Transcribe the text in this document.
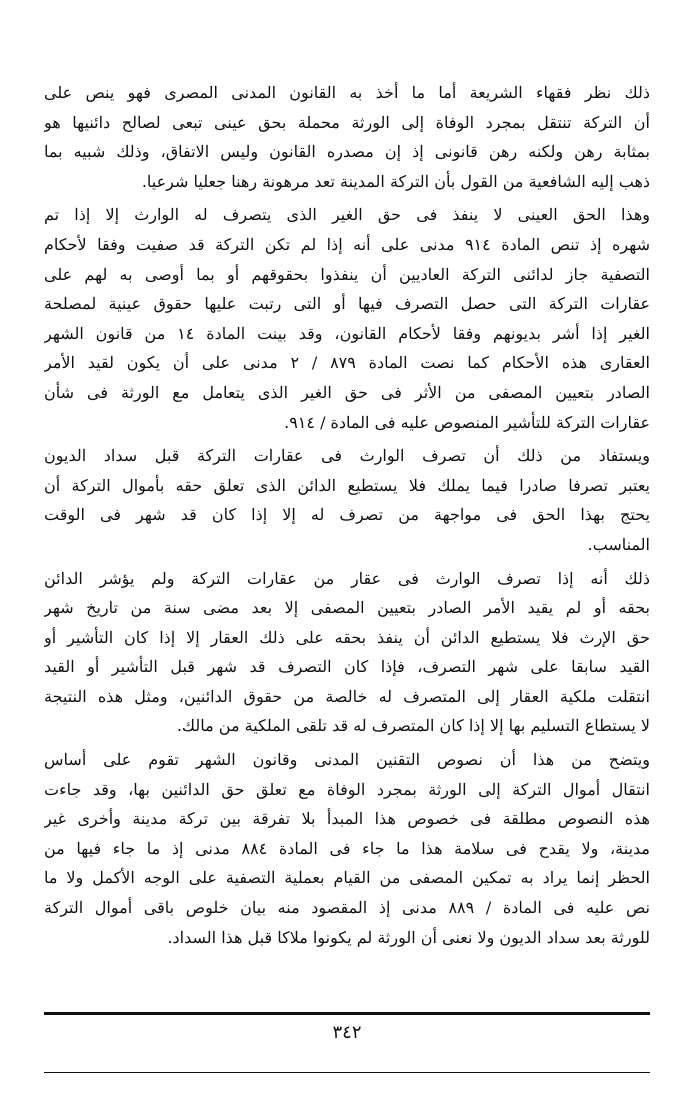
ذلك نظر فقهاء الشريعة أما ما أخذ به القانون المدنى المصرى فهو ينص على
أن التركة تنتقل بمجرد الوفاة إلى الورثة محملة بحق عينى تبعى لصالح دائنيها هو
بمثابة رهن ولكنه رهن قانونى إذ إن مصدره القانون وليس الاتفاق، وذلك شبيه بما
ذهب إليه الشافعية من القول بأن التركة المدينة تعد مرهونة رهنا جعليا شرعيا.
وهذا الحق العينى لا ينفذ فى حق الغير الذى يتصرف له الوارث إلا إذا تم
شهره إذ تنص المادة ٩١٤ مدنى على أنه إذا لم تكن التركة قد صفيت وفقا لأحكام
التصفية جاز لدائنى التركة العاديين أن ينفذوا بحقوقهم أو بما أوصى به لهم على
عقارات التركة التى حصل التصرف فيها أو التى رتبت عليها حقوق عينية لمصلحة
الغير إذا أشر بديونهم وفقا لأحكام القانون، وقد بينت المادة ١٤ من قانون الشهر
العقارى هذه الأحكام كما نصت المادة ٨٧٩ / ٢ مدنى على أن يكون لقيد الأمر
الصادر بتعيين المصفى من الأثر فى حق الغير الذى يتعامل مع الورثة فى شأن
عقارات التركة للتأشير المنصوص عليه فى المادة / ٩١٤.
ويستفاد من ذلك أن تصرف الوارث فى عقارات التركة قبل سداد الديون
يعتبر تصرفا صادرا فيما يملك فلا يستطيع الدائن الذى تعلق حقه بأموال التركة أن
يحتج بهذا الحق فى مواجهة من تصرف له إلا إذا كان قد شهر فى الوقت
المناسب.
ذلك أنه إذا تصرف الوارث فى عقار من عقارات التركة ولم يؤشر الدائن
بحقه أو لم يقيد الأمر الصادر بتعيين المصفى إلا بعد مضى سنة من تاريخ شهر
حق الإرث فلا يستطيع الدائن أن ينفذ بحقه على ذلك العقار إلا إذا كان التأشير أو
القيد سابقا على شهر التصرف، فإذا كان التصرف قد شهر قبل التأشير أو القيد
انتقلت ملكية العقار إلى المتصرف له خالصة من حقوق الدائنين، ومثل هذه النتيجة
لا يستطاع التسليم بها إلا إذا كان المتصرف له قد تلقى الملكية من مالك.
ويتضح من هذا أن نصوص التقنين المدنى وقانون الشهر تقوم على أساس
انتقال أموال التركة إلى الورثة بمجرد الوفاة مع تعلق حق الدائنين بها، وقد جاءت
هذه النصوص مطلقة فى خصوص هذا المبدأ بلا تفرقة بين تركة مدينة وأخرى غير
مدينة، ولا يقدح فى سلامة هذا ما جاء فى المادة ٨٨٤ مدنى إذ ما جاء فيها من
الحظر إنما يراد به تمكين المصفى من القيام بعملية التصفية على الوجه الأكمل ولا ما
نص عليه فى المادة / ٨٨٩ مدنى إذ المقصود منه بيان خلوص باقى أموال التركة
للورثة بعد سداد الديون ولا نعنى أن الورثة لم يكونوا ملاكا قبل هذا السداد.
٣٤٢
